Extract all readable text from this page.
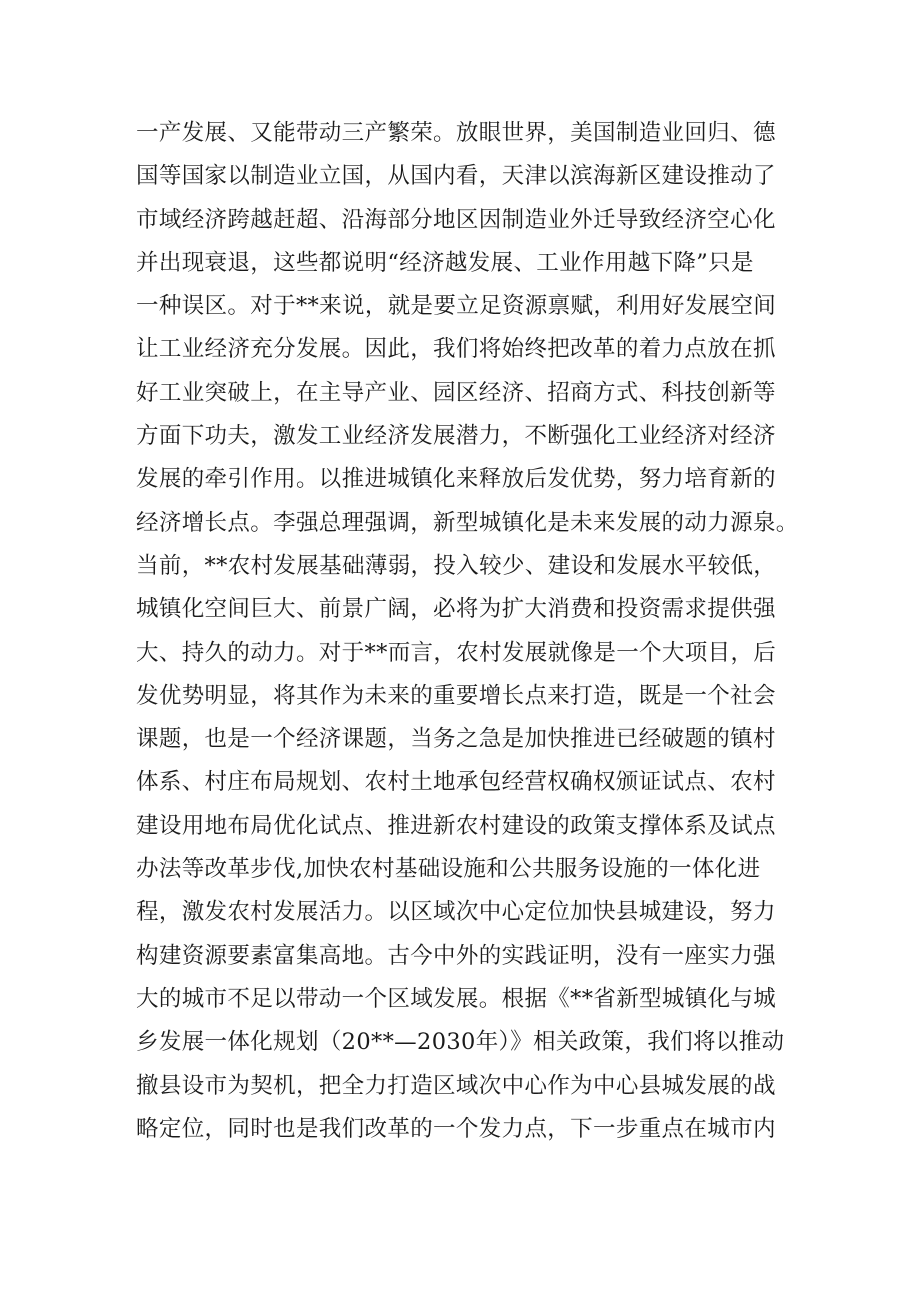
一产发展、又能带动三产繁荣。放眼世界，美国制造业回归、德
国等国家以制造业立国，从国内看，天津以滨海新区建设推动了
市域经济跨越赶超、沿海部分地区因制造业外迁导致经济空心化
并出现衰退，这些都说明“经济越发展、工业作用越下降”只是
一种误区。对于**来说，就是要立足资源禀赋，利用好发展空间
让工业经济充分发展。因此，我们将始终把改革的着力点放在抓
好工业突破上，在主导产业、园区经济、招商方式、科技创新等
方面下功夫，激发工业经济发展潜力，不断强化工业经济对经济
发展的牵引作用。以推进城镇化来释放后发优势，努力培育新的
经济增长点。李强总理强调，新型城镇化是未来发展的动力源泉。
当前，**农村发展基础薄弱，投入较少、建设和发展水平较低，
城镇化空间巨大、前景广阔，必将为扩大消费和投资需求提供强
大、持久的动力。对于**而言，农村发展就像是一个大项目，后
发优势明显，将其作为未来的重要增长点来打造，既是一个社会
课题，也是一个经济课题，当务之急是加快推进已经破题的镇村
体系、村庄布局规划、农村土地承包经营权确权颁证试点、农村
建设用地布局优化试点、推进新农村建设的政策支撑体系及试点
办法等改革步伐,加快农村基础设施和公共服务设施的一体化进
程，激发农村发展活力。以区域次中心定位加快县城建设，努力
构建资源要素富集高地。古今中外的实践证明，没有一座实力强
大的城市不足以带动一个区域发展。根据《**省新型城镇化与城
乡发展一体化规划（20**—2030年）》相关政策，我们将以推动
撤县设市为契机，把全力打造区域次中心作为中心县城发展的战
略定位，同时也是我们改革的一个发力点，下一步重点在城市内
